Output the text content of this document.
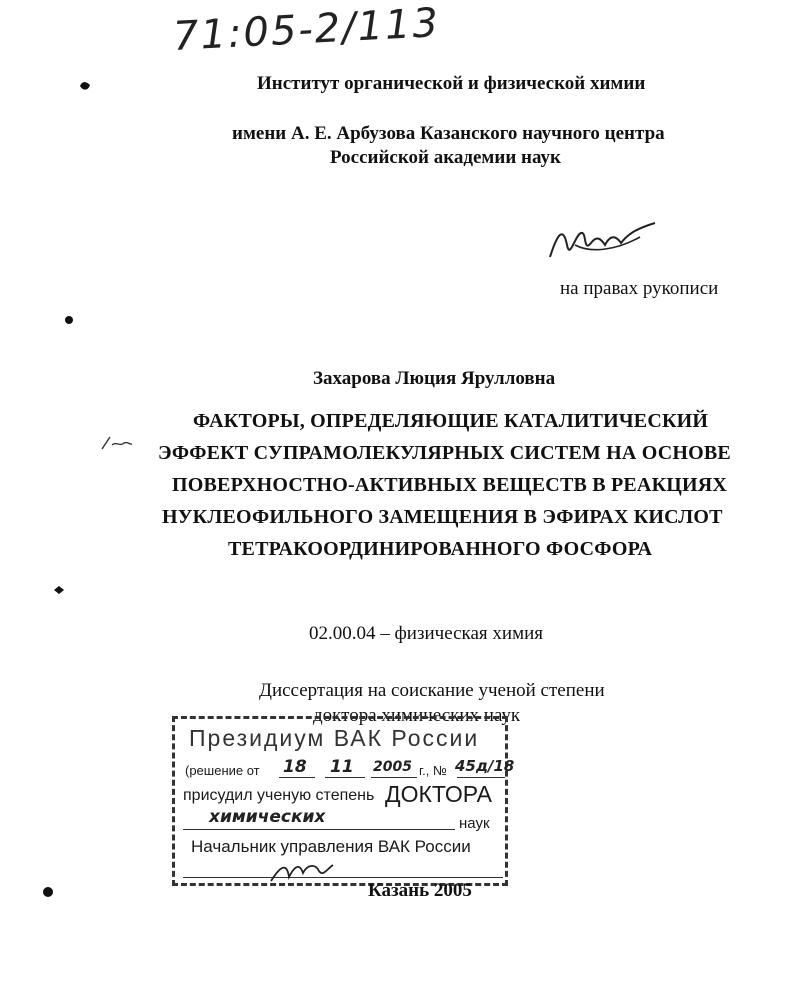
71:05-2/113
Институт органической и физической химии
имени А. Е. Арбузова Казанского научного центра
Российской академии наук
на правах рукописи
Захарова Люция Ярулловна
ФАКТОРЫ, ОПРЕДЕЛЯЮЩИЕ КАТАЛИТИЧЕСКИЙ
ЭФФЕКТ СУПРАМОЛЕКУЛЯРНЫХ СИСТЕМ НА ОСНОВЕ
ПОВЕРХНОСТНО-АКТИВНЫХ ВЕЩЕСТВ В РЕАКЦИЯХ
НУКЛЕОФИЛЬНОГО ЗАМЕЩЕНИЯ В ЭФИРАХ КИСЛОТ
ТЕТРАКООРДИНИРОВАННОГО ФОСФОРА
02.00.04 – физическая химия
Диссертация на соискание ученой степени
доктора химических наук
Президиум ВАК России
(решение от 18 11 2005 г., № 45д/18
присудил ученую степень ДОКТОРА
химических	наук
Начальник управления ВАК России
Казань 2005
